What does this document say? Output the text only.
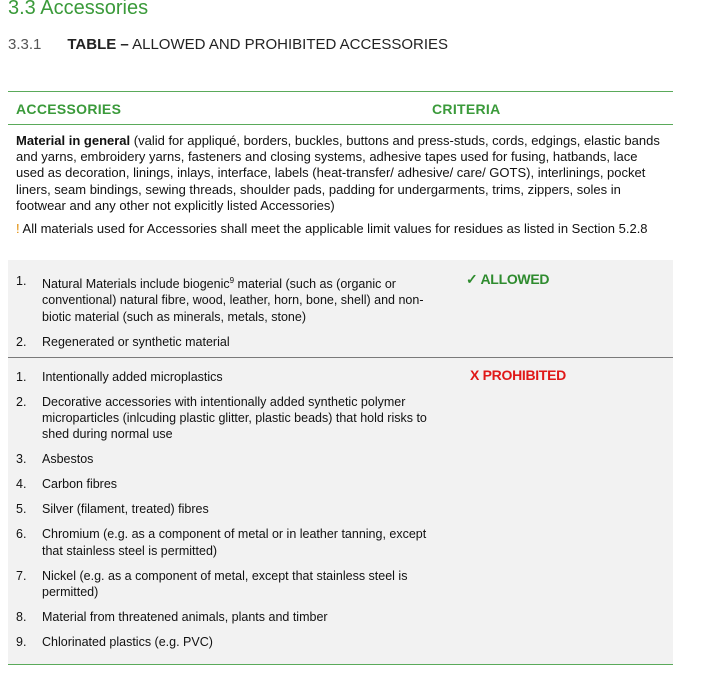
3.3 Accessories
3.3.1 TABLE – ALLOWED AND PROHIBITED ACCESSORIES
ACCESSORIES	CRITERIA
Material in general (valid for appliqué, borders, buckles, buttons and press-studs, cords, edgings, elastic bands and yarns, embroidery yarns, fasteners and closing systems, adhesive tapes used for fusing, hatbands, lace used as decoration, linings, inlays, interface, labels (heat-transfer/ adhesive/ care/ GOTS), interlinings, pocket liners, seam bindings, sewing threads, shoulder pads, padding for undergarments, trims, zippers, soles in footwear and any other not explicitly listed Accessories)
! All materials used for Accessories shall meet the applicable limit values for residues as listed in Section 5.2.8
1. Natural Materials include biogenic$^9$ material (such as (organic or conventional) natural fibre, wood, leather, horn, bone, shell) and non-biotic material (such as minerals, metals, stone)
2. Regenerated or synthetic material
✓ ALLOWED
1. Intentionally added microplastics
2. Decorative accessories with intentionally added synthetic polymer microparticles (inlcuding plastic glitter, plastic beads) that hold risks to shed during normal use
3. Asbestos
4. Carbon fibres
5. Silver (filament, treated) fibres
6. Chromium (e.g. as a component of metal or in leather tanning, except that stainless steel is permitted)
7. Nickel (e.g. as a component of metal, except that stainless steel is permitted)
8. Material from threatened animals, plants and timber
9. Chlorinated plastics (e.g. PVC)
X PROHIBITED
